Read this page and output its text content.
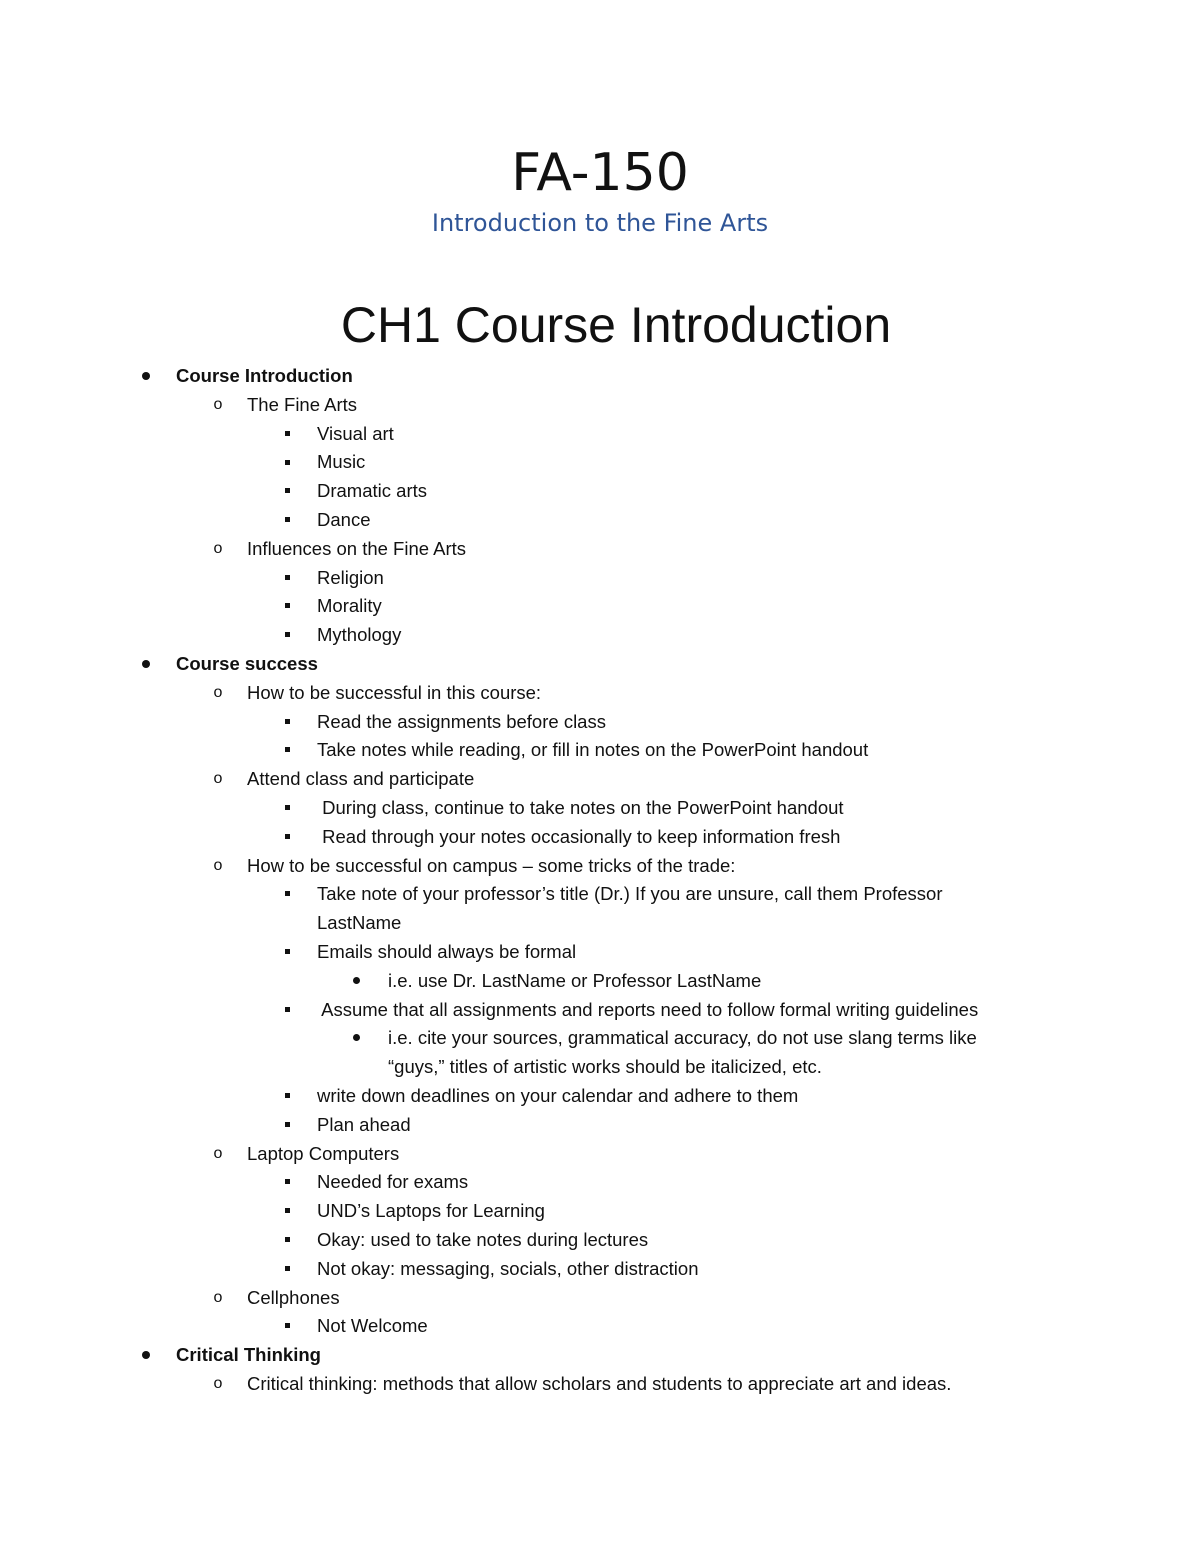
FA-150
Introduction to the Fine Arts
CH1 Course Introduction
Course Introduction
o The Fine Arts
Visual art
Music
Dramatic arts
Dance
o Influences on the Fine Arts
Religion
Morality
Mythology
Course success
o How to be successful in this course:
Read the assignments before class
Take notes while reading, or fill in notes on the PowerPoint handout
o Attend class and participate
During class, continue to take notes on the PowerPoint handout
Read through your notes occasionally to keep information fresh
o How to be successful on campus – some tricks of the trade:
Take note of your professor’s title (Dr.) If you are unsure, call them Professor
LastName
Emails should always be formal
i.e. use Dr. LastName or Professor LastName
Assume that all assignments and reports need to follow formal writing guidelines
i.e. cite your sources, grammatical accuracy, do not use slang terms like
“guys,” titles of artistic works should be italicized, etc.
write down deadlines on your calendar and adhere to them
Plan ahead
o Laptop Computers
Needed for exams
UND’s Laptops for Learning
Okay: used to take notes during lectures
Not okay: messaging, socials, other distraction
o Cellphones
Not Welcome
Critical Thinking
o Critical thinking: methods that allow scholars and students to appreciate art and ideas.
